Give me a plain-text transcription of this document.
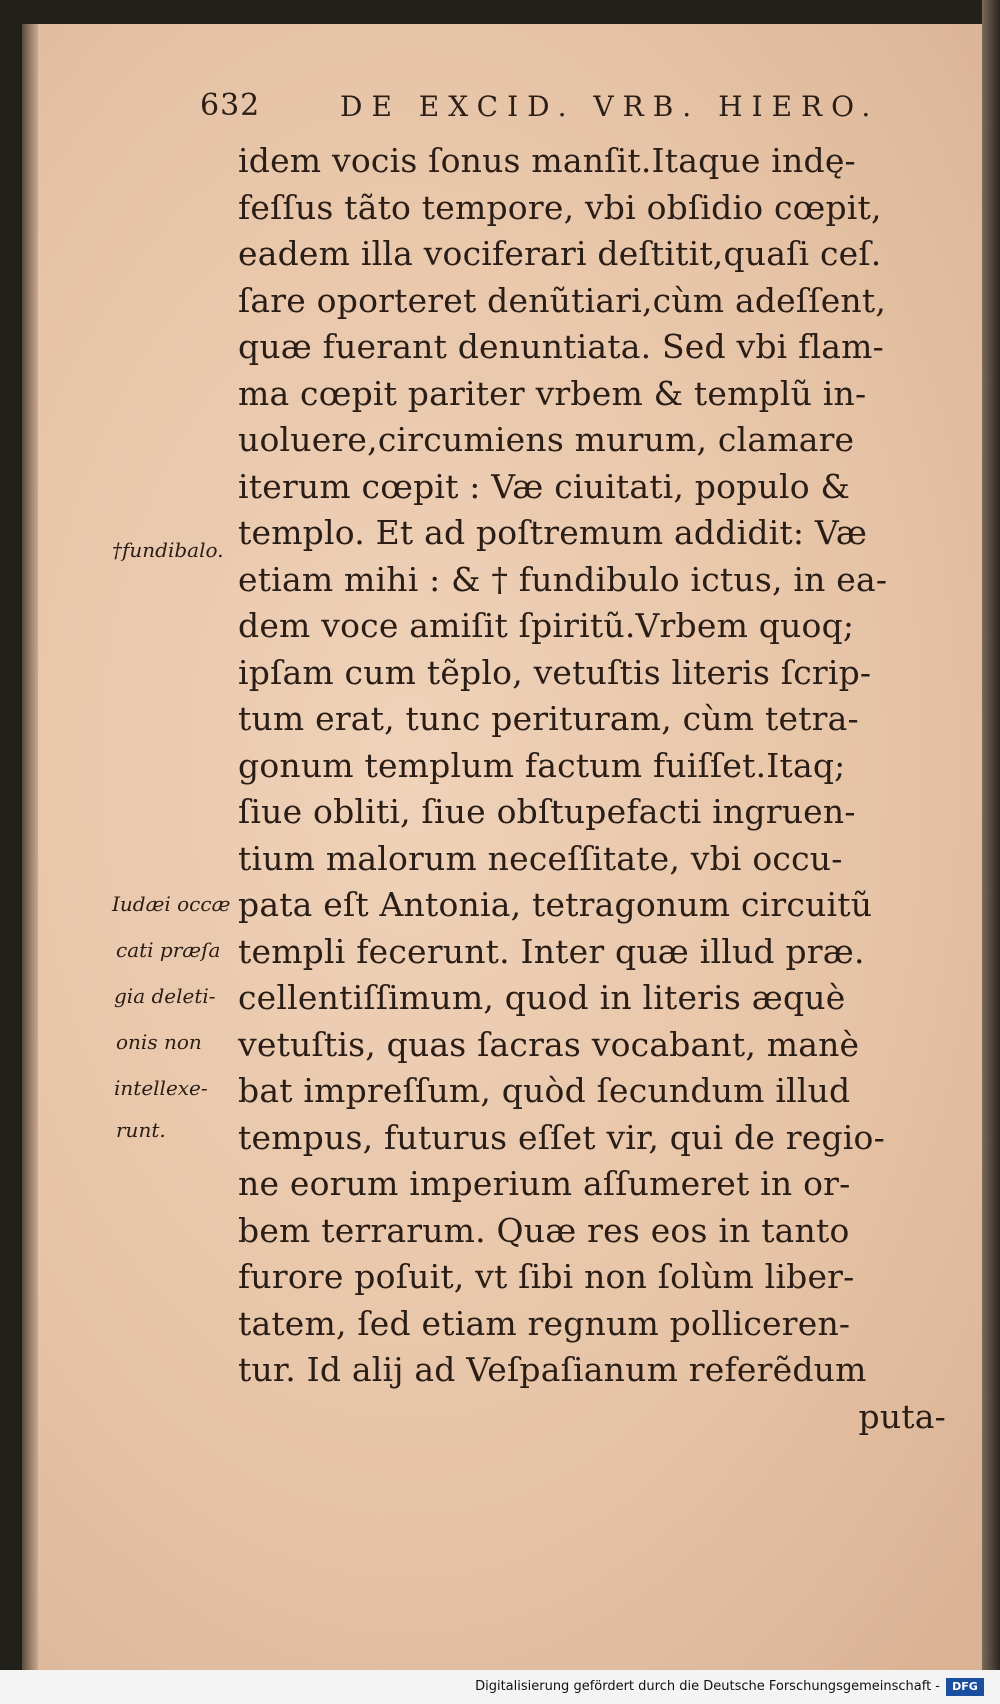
632	DE EXCID. VRB. HIERO.
†fundibalo.
Iudæi occæ
cati præſa
gia deleti-
onis non
intellexe-
runt.
idem vocis ſonus manſit.Itaque indę-
feſſus tãto tempore, vbi obſidio cœpit,
eadem illa vociferari deſtitit,quaſi ceſ.
ſare oporteret denũtiari,cùm adeſſent,
quæ fuerant denuntiata. Sed vbi flam-
ma cœpit pariter vrbem & templũ in-
uoluere,circumiens murum, clamare
iterum cœpit : Væ ciuitati, populo &
templo. Et ad poſtremum addidit: Væ
etiam mihi : & † fundibulo ictus, in ea-
dem voce amiſit ſpiritũ.Vrbem quoq;
ipſam cum tẽplo, vetuſtis literis ſcrip-
tum erat, tunc perituram, cùm tetra-
gonum templum factum fuiſſet.Itaq;
ſiue obliti, ſiue obſtupefacti ingruen-
tium malorum neceſſitate, vbi occu-
pata eſt Antonia, tetragonum circuitũ
templi fecerunt. Inter quæ illud præ.
cellentiſſimum, quod in literis æquè
vetuſtis, quas ſacras vocabant, manè
bat impreſſum, quòd ſecundum illud
tempus, futurus eſſet vir, qui de regio-
ne eorum imperium aſſumeret in or-
bem terrarum. Quæ res eos in tanto
furore poſuit, vt ſibi non ſolùm liber-
tatem, ſed etiam regnum polliceren-
tur. Id alij ad Veſpaſianum referẽdum
puta-
Digitalisierung gefördert durch die Deutsche Forschungsgemeinschaft -	DFG
